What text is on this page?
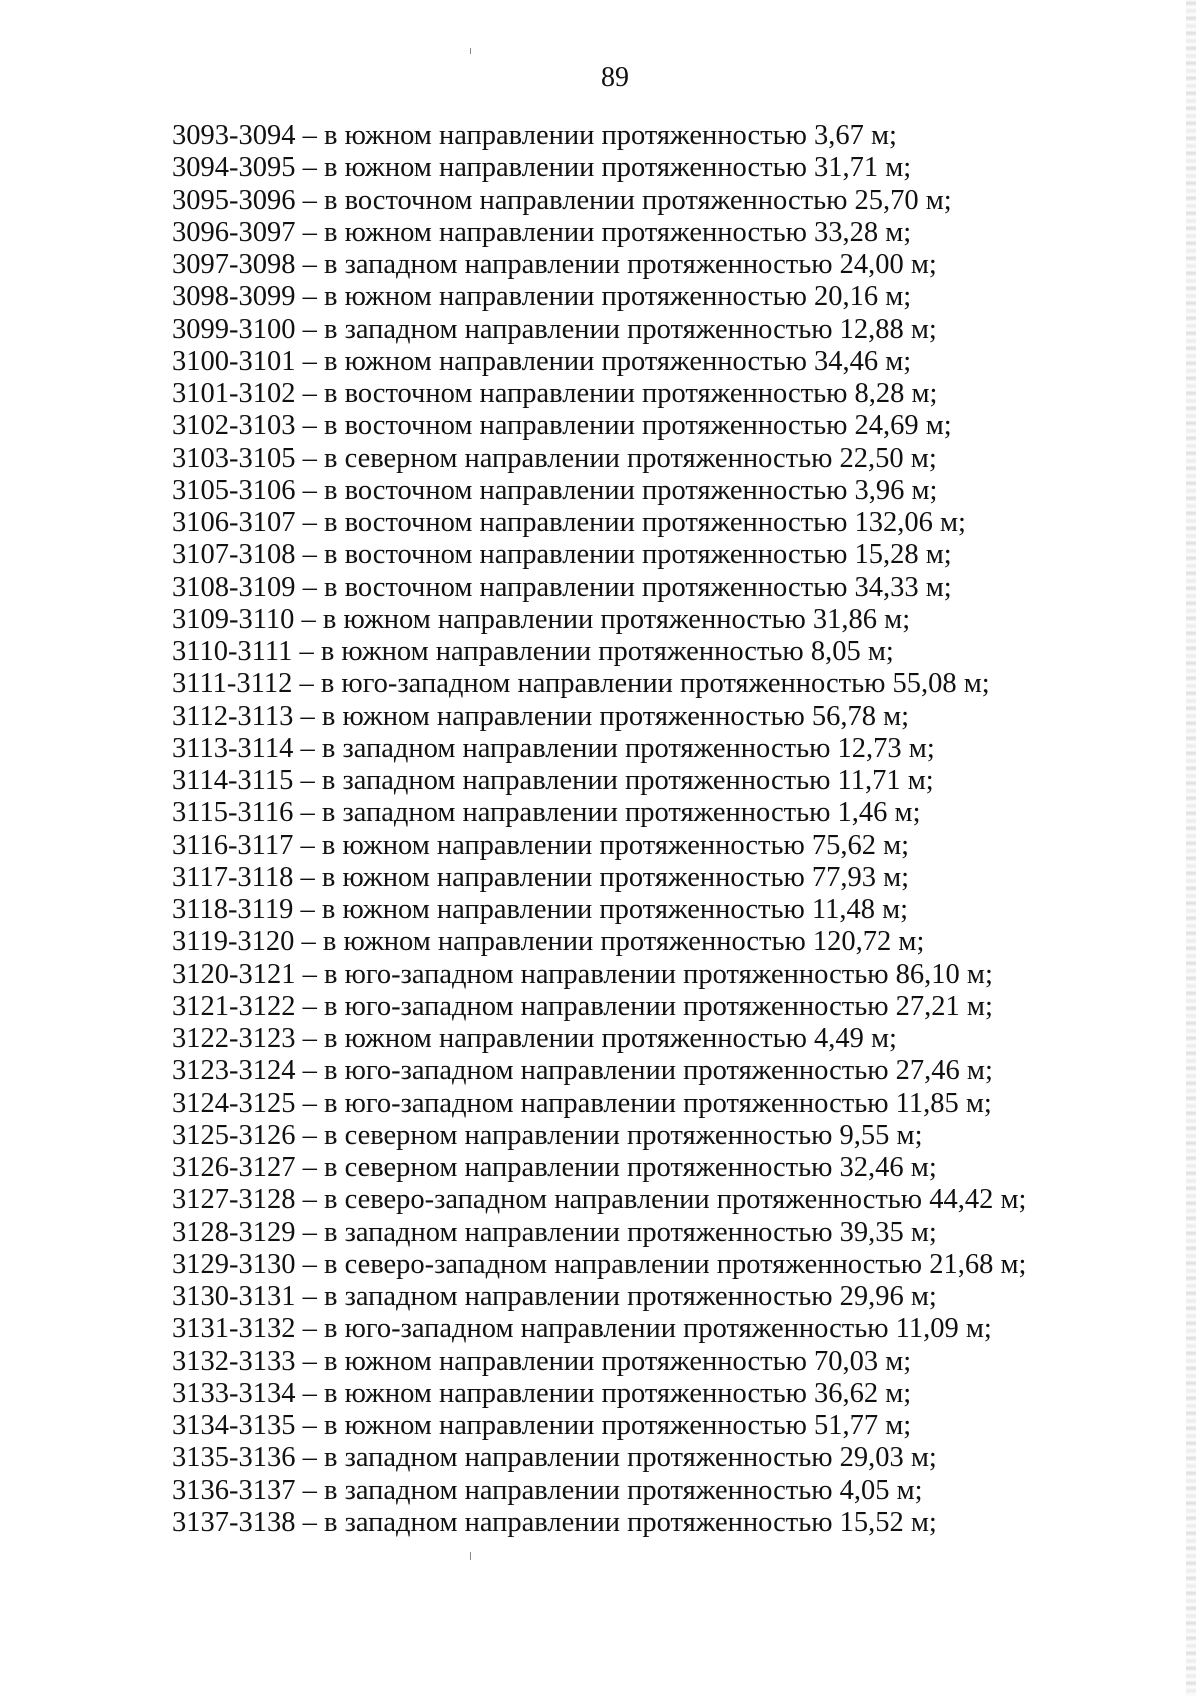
89
3093-3094 – в южном направлении протяженностью 3,67 м;
3094-3095 – в южном направлении протяженностью 31,71 м;
3095-3096 – в восточном направлении протяженностью 25,70 м;
3096-3097 – в южном направлении протяженностью 33,28 м;
3097-3098 – в западном направлении протяженностью 24,00 м;
3098-3099 – в южном направлении протяженностью 20,16 м;
3099-3100 – в западном направлении протяженностью 12,88 м;
3100-3101 – в южном направлении протяженностью 34,46 м;
3101-3102 – в восточном направлении протяженностью 8,28 м;
3102-3103 – в восточном направлении протяженностью 24,69 м;
3103-3105 – в северном направлении протяженностью 22,50 м;
3105-3106 – в восточном направлении протяженностью 3,96 м;
3106-3107 – в восточном направлении протяженностью 132,06 м;
3107-3108 – в восточном направлении протяженностью 15,28 м;
3108-3109 – в восточном направлении протяженностью 34,33 м;
3109-3110 – в южном направлении протяженностью 31,86 м;
3110-3111 – в южном направлении протяженностью 8,05 м;
3111-3112 – в юго-западном направлении протяженностью 55,08 м;
3112-3113 – в южном направлении протяженностью 56,78 м;
3113-3114 – в западном направлении протяженностью 12,73 м;
3114-3115 – в западном направлении протяженностью 11,71 м;
3115-3116 – в западном направлении протяженностью 1,46 м;
3116-3117 – в южном направлении протяженностью 75,62 м;
3117-3118 – в южном направлении протяженностью 77,93 м;
3118-3119 – в южном направлении протяженностью 11,48 м;
3119-3120 – в южном направлении протяженностью 120,72 м;
3120-3121 – в юго-западном направлении протяженностью 86,10 м;
3121-3122 – в юго-западном направлении протяженностью 27,21 м;
3122-3123 – в южном направлении протяженностью 4,49 м;
3123-3124 – в юго-западном направлении протяженностью 27,46 м;
3124-3125 – в юго-западном направлении протяженностью 11,85 м;
3125-3126 – в северном направлении протяженностью 9,55 м;
3126-3127 – в северном направлении протяженностью 32,46 м;
3127-3128 – в северо-западном направлении протяженностью 44,42 м;
3128-3129 – в западном направлении протяженностью 39,35 м;
3129-3130 – в северо-западном направлении протяженностью 21,68 м;
3130-3131 – в западном направлении протяженностью 29,96 м;
3131-3132 – в юго-западном направлении протяженностью 11,09 м;
3132-3133 – в южном направлении протяженностью 70,03 м;
3133-3134 – в южном направлении протяженностью 36,62 м;
3134-3135 – в южном направлении протяженностью 51,77 м;
3135-3136 – в западном направлении протяженностью 29,03 м;
3136-3137 – в западном направлении протяженностью 4,05 м;
3137-3138 – в западном направлении протяженностью 15,52 м;
